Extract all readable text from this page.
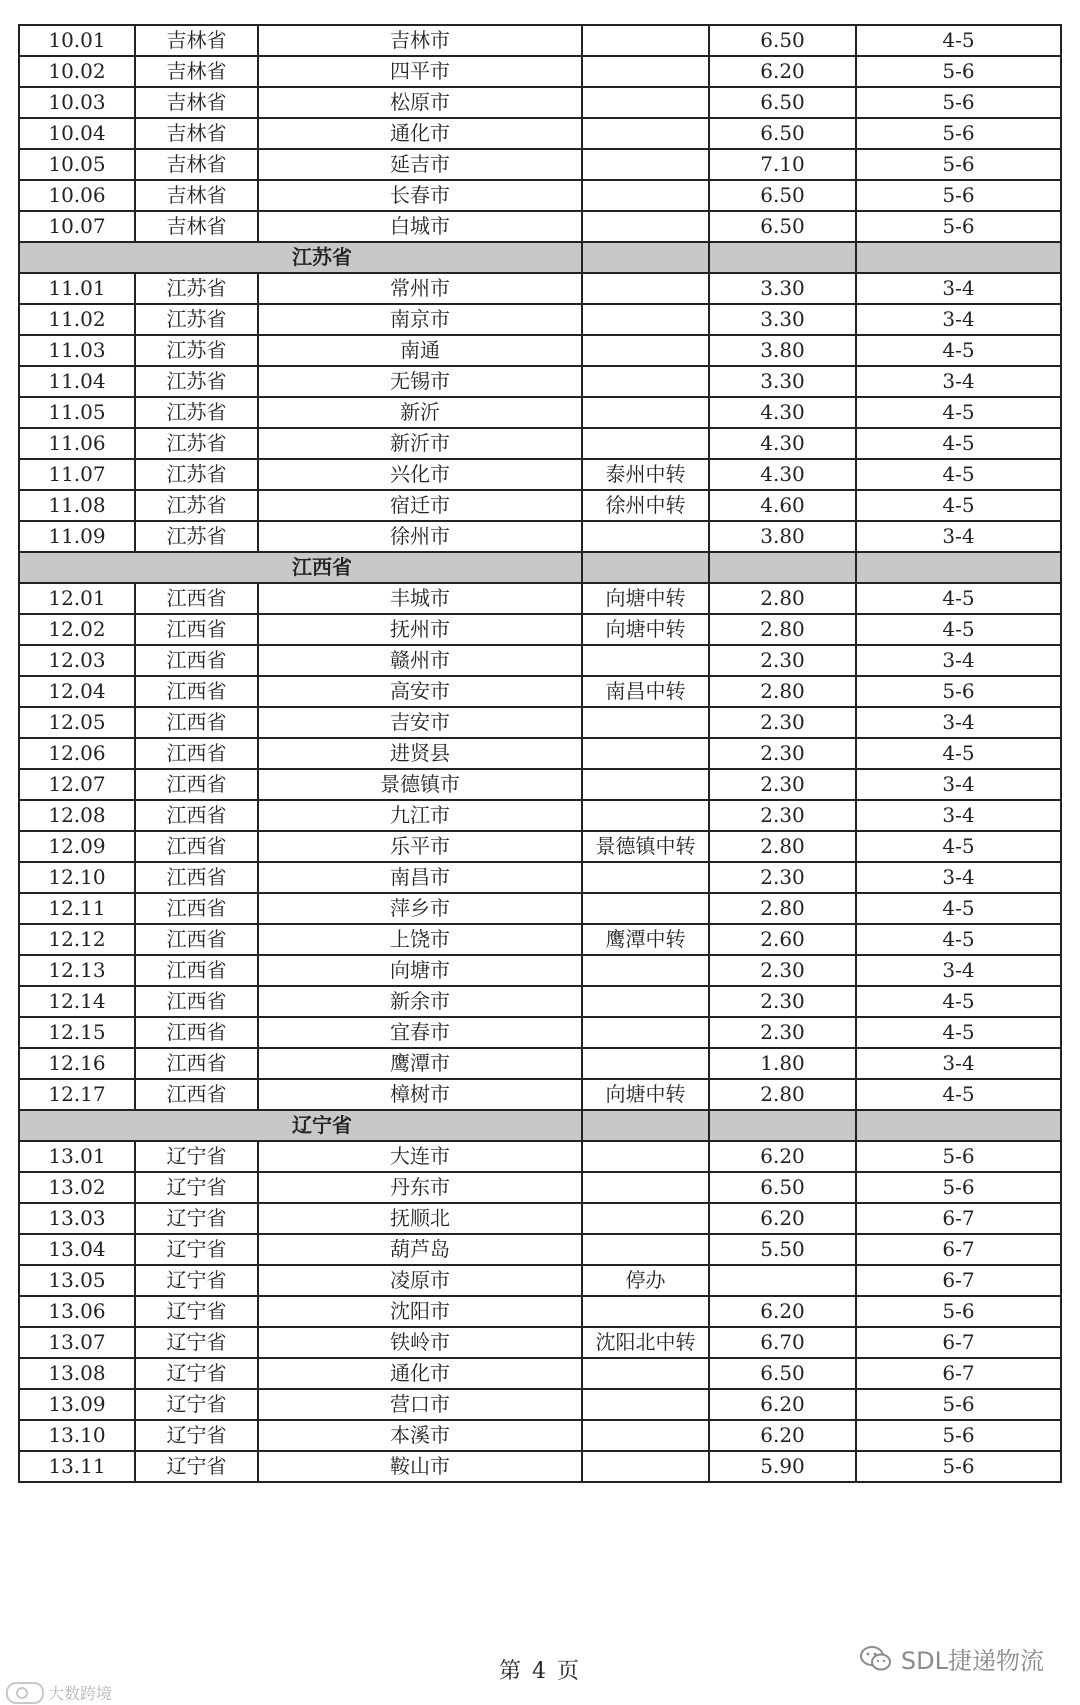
10.01	吉林省	吉林市		6.50	4-5
10.02	吉林省	四平市		6.20	5-6
10.03	吉林省	松原市		6.50	5-6
10.04	吉林省	通化市		6.50	5-6
10.05	吉林省	延吉市		7.10	5-6
10.06	吉林省	长春市		6.50	5-6
10.07	吉林省	白城市		6.50	5-6
江苏省					
11.01	江苏省	常州市		3.30	3-4
11.02	江苏省	南京市		3.30	3-4
11.03	江苏省	南通		3.80	4-5
11.04	江苏省	无锡市		3.30	3-4
11.05	江苏省	新沂		4.30	4-5
11.06	江苏省	新沂市		4.30	4-5
11.07	江苏省	兴化市	泰州中转	4.30	4-5
11.08	江苏省	宿迁市	徐州中转	4.60	4-5
11.09	江苏省	徐州市		3.80	3-4
江西省					
12.01	江西省	丰城市	向塘中转	2.80	4-5
12.02	江西省	抚州市	向塘中转	2.80	4-5
12.03	江西省	赣州市		2.30	3-4
12.04	江西省	高安市	南昌中转	2.80	5-6
12.05	江西省	吉安市		2.30	3-4
12.06	江西省	进贤县		2.30	4-5
12.07	江西省	景德镇市		2.30	3-4
12.08	江西省	九江市		2.30	3-4
12.09	江西省	乐平市	景德镇中转	2.80	4-5
12.10	江西省	南昌市		2.30	3-4
12.11	江西省	萍乡市		2.80	4-5
12.12	江西省	上饶市	鹰潭中转	2.60	4-5
12.13	江西省	向塘市		2.30	3-4
12.14	江西省	新余市		2.30	4-5
12.15	江西省	宜春市		2.30	4-5
12.16	江西省	鹰潭市		1.80	3-4
12.17	江西省	樟树市	向塘中转	2.80	4-5
辽宁省					
13.01	辽宁省	大连市		6.20	5-6
13.02	辽宁省	丹东市		6.50	5-6
13.03	辽宁省	抚顺北		6.20	6-7
13.04	辽宁省	葫芦岛		5.50	6-7
13.05	辽宁省	凌原市	停办		6-7
13.06	辽宁省	沈阳市		6.20	5-6
13.07	辽宁省	铁岭市	沈阳北中转	6.70	6-7
13.08	辽宁省	通化市		6.50	6-7
13.09	辽宁省	营口市		6.20	5-6
13.10	辽宁省	本溪市		6.20	5-6
13.11	辽宁省	鞍山市		5.90	5-6
第 4 页
大数跨境
SDL捷递物流
